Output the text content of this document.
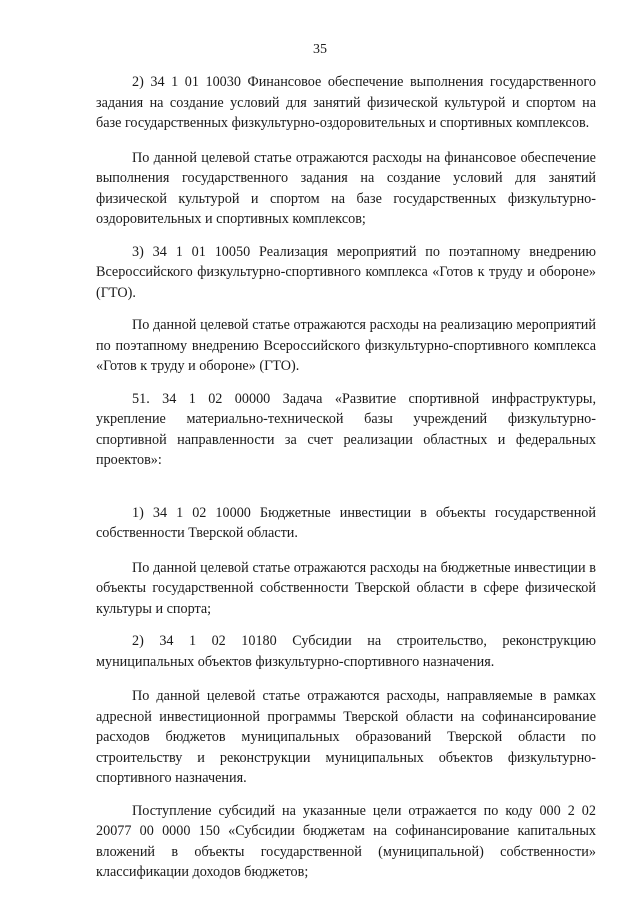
35

2) 34 1 01 10030 Финансовое обеспечение выполнения государственного задания на создание условий для занятий физической культурой и спортом на базе государственных физкультурно-оздоровительных и спортивных комплексов.

По данной целевой статье отражаются расходы на финансовое обеспечение выполнения государственного задания на создание условий для занятий физической культурой и спортом на базе государственных физкультурно-оздоровительных и спортивных комплексов;

3) 34 1 01 10050 Реализация мероприятий по поэтапному внедрению Всероссийского физкультурно-спортивного комплекса «Готов к труду и обороне» (ГТО).

По данной целевой статье отражаются расходы на реализацию мероприятий по поэтапному внедрению Всероссийского физкультурно-спортивного комплекса «Готов к труду и обороне» (ГТО).

51. 34 1 02 00000 Задача «Развитие спортивной инфраструктуры, укрепление материально-технической базы учреждений физкультурно-спортивной направленности за счет реализации областных и федеральных проектов»:

1) 34 1 02 10000 Бюджетные инвестиции в объекты государственной собственности Тверской области.

По данной целевой статье отражаются расходы на бюджетные инвестиции в объекты государственной собственности Тверской области в сфере физической культуры и спорта;

2) 34 1 02 10180 Субсидии на строительство, реконструкцию муниципальных объектов физкультурно-спортивного назначения.

По данной целевой статье отражаются расходы, направляемые в рамках адресной инвестиционной программы Тверской области на софинансирование расходов бюджетов муниципальных образований Тверской области по строительству и реконструкции муниципальных объектов физкультурно-спортивного назначения.

Поступление субсидий на указанные цели отражается по коду 000 2 02 20077 00 0000 150 «Субсидии бюджетам на софинансирование капитальных вложений в объекты государственной (муниципальной) собственности» классификации доходов бюджетов;
